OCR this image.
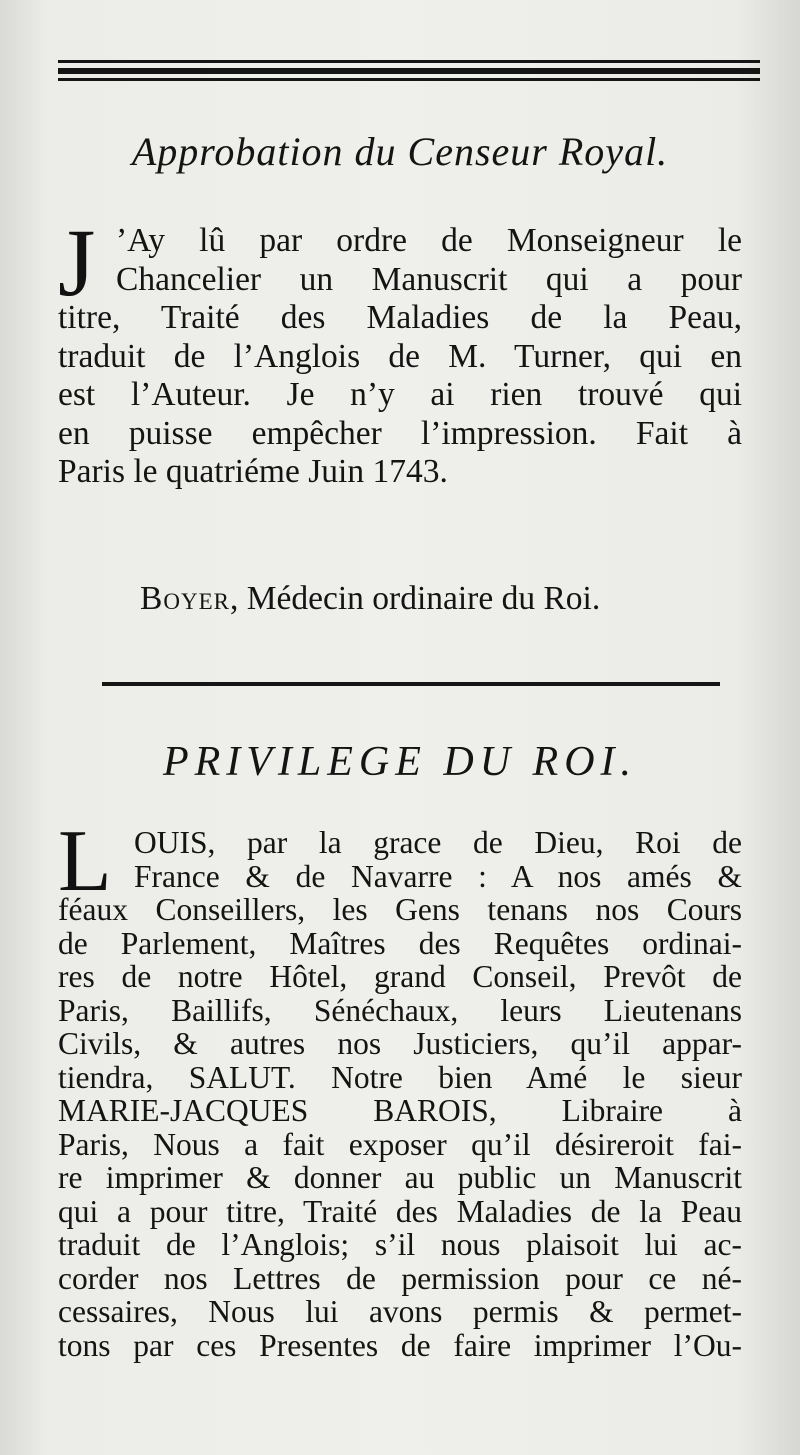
Approbation du Censeur Royal.
J ’Ay lû par ordre de Monseigneur le
Chancelier un Manuscrit qui a pour
titre, Traité des Maladies de la Peau,
traduit de l’Anglois de M. Turner, qui en
est l’Auteur. Je n’y ai rien trouvé qui
en puisse empêcher l’impression. Fait à
Paris le quatriéme Juin 1743.
Boyer, Médecin ordinaire du Roi.
PRIVILEGE DU ROI.
L OUIS, par la grace de Dieu, Roi de
France & de Navarre : A nos amés &
féaux Conseillers, les Gens tenans nos Cours
de Parlement, Maîtres des Requêtes ordinai-
res de notre Hôtel, grand Conseil, Prevôt de
Paris, Baillifs, Sénéchaux, leurs Lieutenans
Civils, & autres nos Justiciers, qu’il appar-
tiendra, SALUT. Notre bien Amé le sieur
MARIE-JACQUES BAROIS, Libraire à
Paris, Nous a fait exposer qu’il désireroit fai-
re imprimer & donner au public un Manuscrit
qui a pour titre, Traité des Maladies de la Peau
traduit de l’Anglois; s’il nous plaisoit lui ac-
corder nos Lettres de permission pour ce né-
cessaires, Nous lui avons permis & permet-
tons par ces Presentes de faire imprimer l’Ou-
